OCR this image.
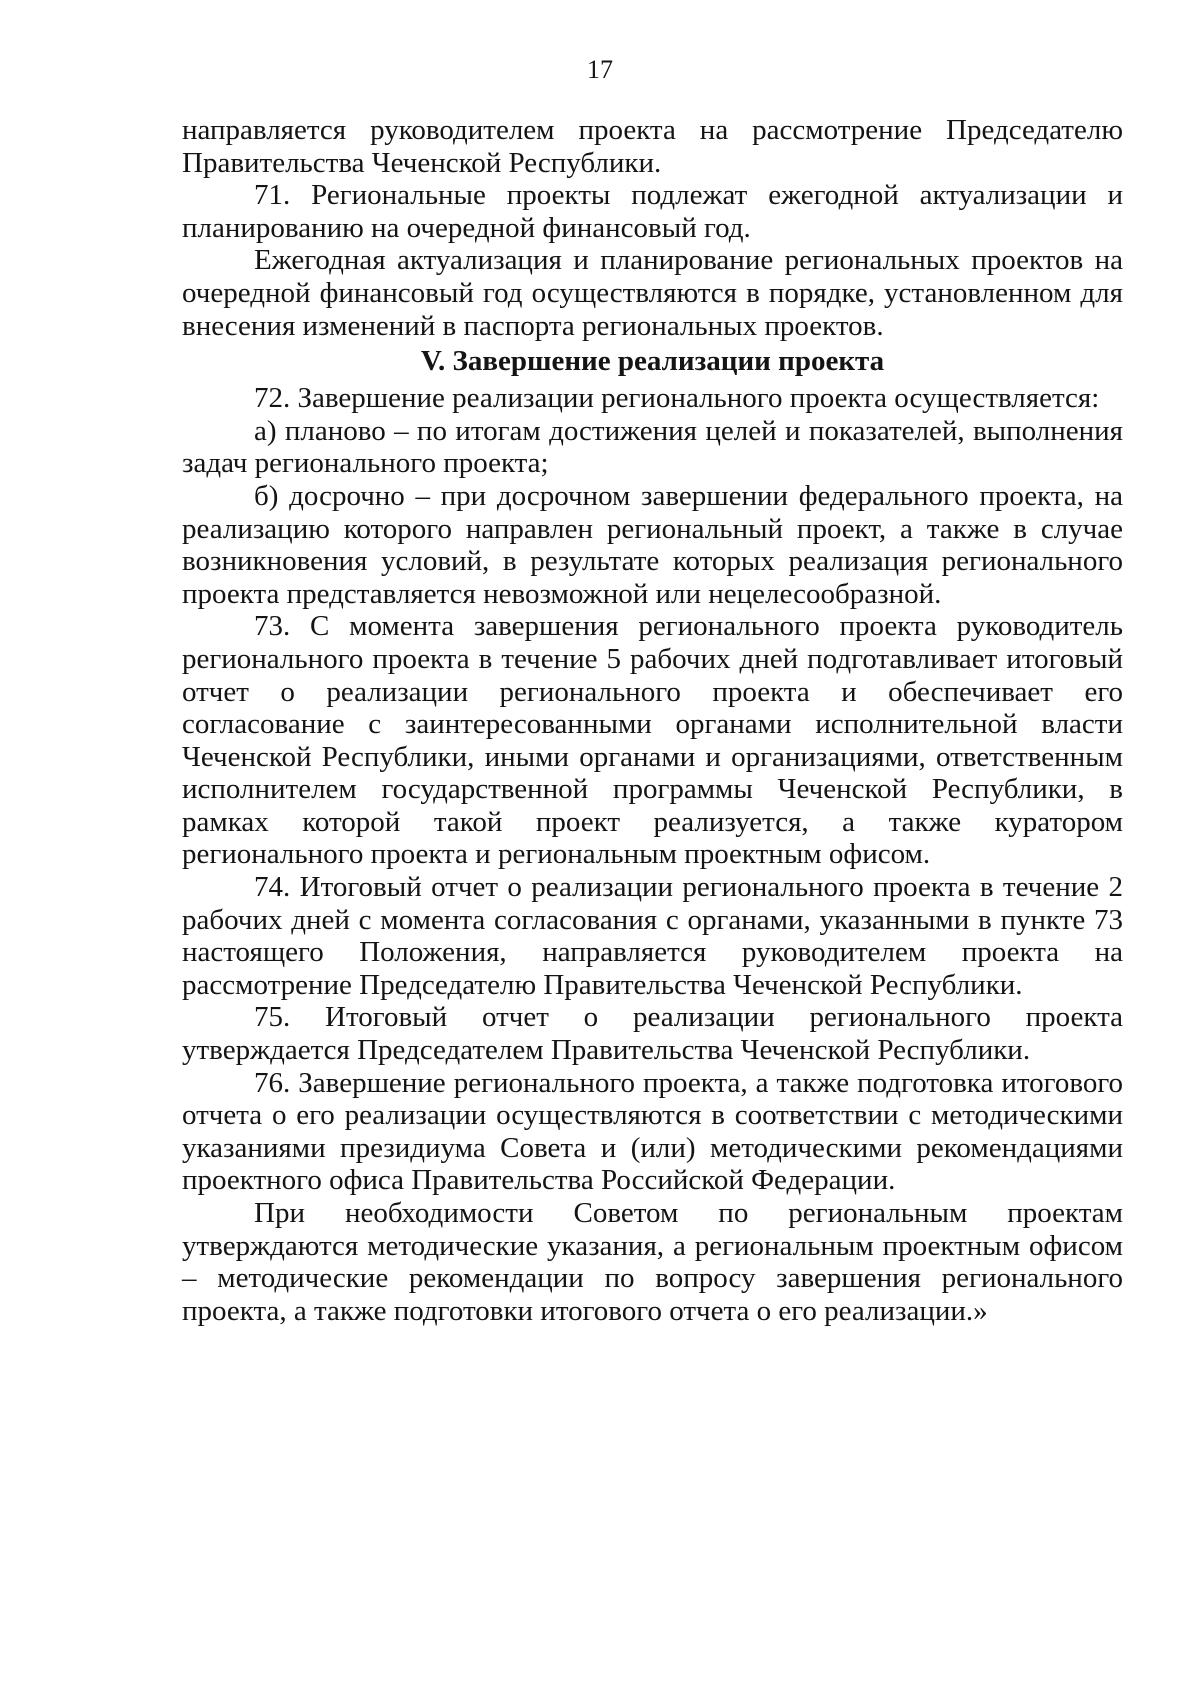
17

направляется руководителем проекта на рассмотрение Председателю Правительства Чеченской Республики.

71. Региональные проекты подлежат ежегодной актуализации и планированию на очередной финансовый год.

Ежегодная актуализация и планирование региональных проектов на очередной финансовый год осуществляются в порядке, установленном для внесения изменений в паспорта региональных проектов.

V. Завершение реализации проекта

72. Завершение реализации регионального проекта осуществляется:

а) планово – по итогам достижения целей и показателей, выполнения задач регионального проекта;

б) досрочно – при досрочном завершении федерального проекта, на реализацию которого направлен региональный проект, а также в случае возникновения условий, в результате которых реализация регионального проекта представляется невозможной или нецелесообразной.

73. С момента завершения регионального проекта руководитель регионального проекта в течение 5 рабочих дней подготавливает итоговый отчет о реализации регионального проекта и обеспечивает его согласование с заинтересованными органами исполнительной власти Чеченской Республики, иными органами и организациями, ответственным исполнителем государственной программы Чеченской Республики, в рамках которой такой проект реализуется, а также куратором регионального проекта и региональным проектным офисом.

74. Итоговый отчет о реализации регионального проекта в течение 2 рабочих дней с момента согласования с органами, указанными в пункте 73 настоящего Положения, направляется руководителем проекта на рассмотрение Председателю Правительства Чеченской Республики.

75. Итоговый отчет о реализации регионального проекта утверждается Председателем Правительства Чеченской Республики.

76. Завершение регионального проекта, а также подготовка итогового отчета о его реализации осуществляются в соответствии с методическими указаниями президиума Совета и (или) методическими рекомендациями проектного офиса Правительства Российской Федерации.

При необходимости Советом по региональным проектам утверждаются методические указания, а региональным проектным офисом – методические рекомендации по вопросу завершения регионального проекта, а также подготовки итогового отчета о его реализации.»
